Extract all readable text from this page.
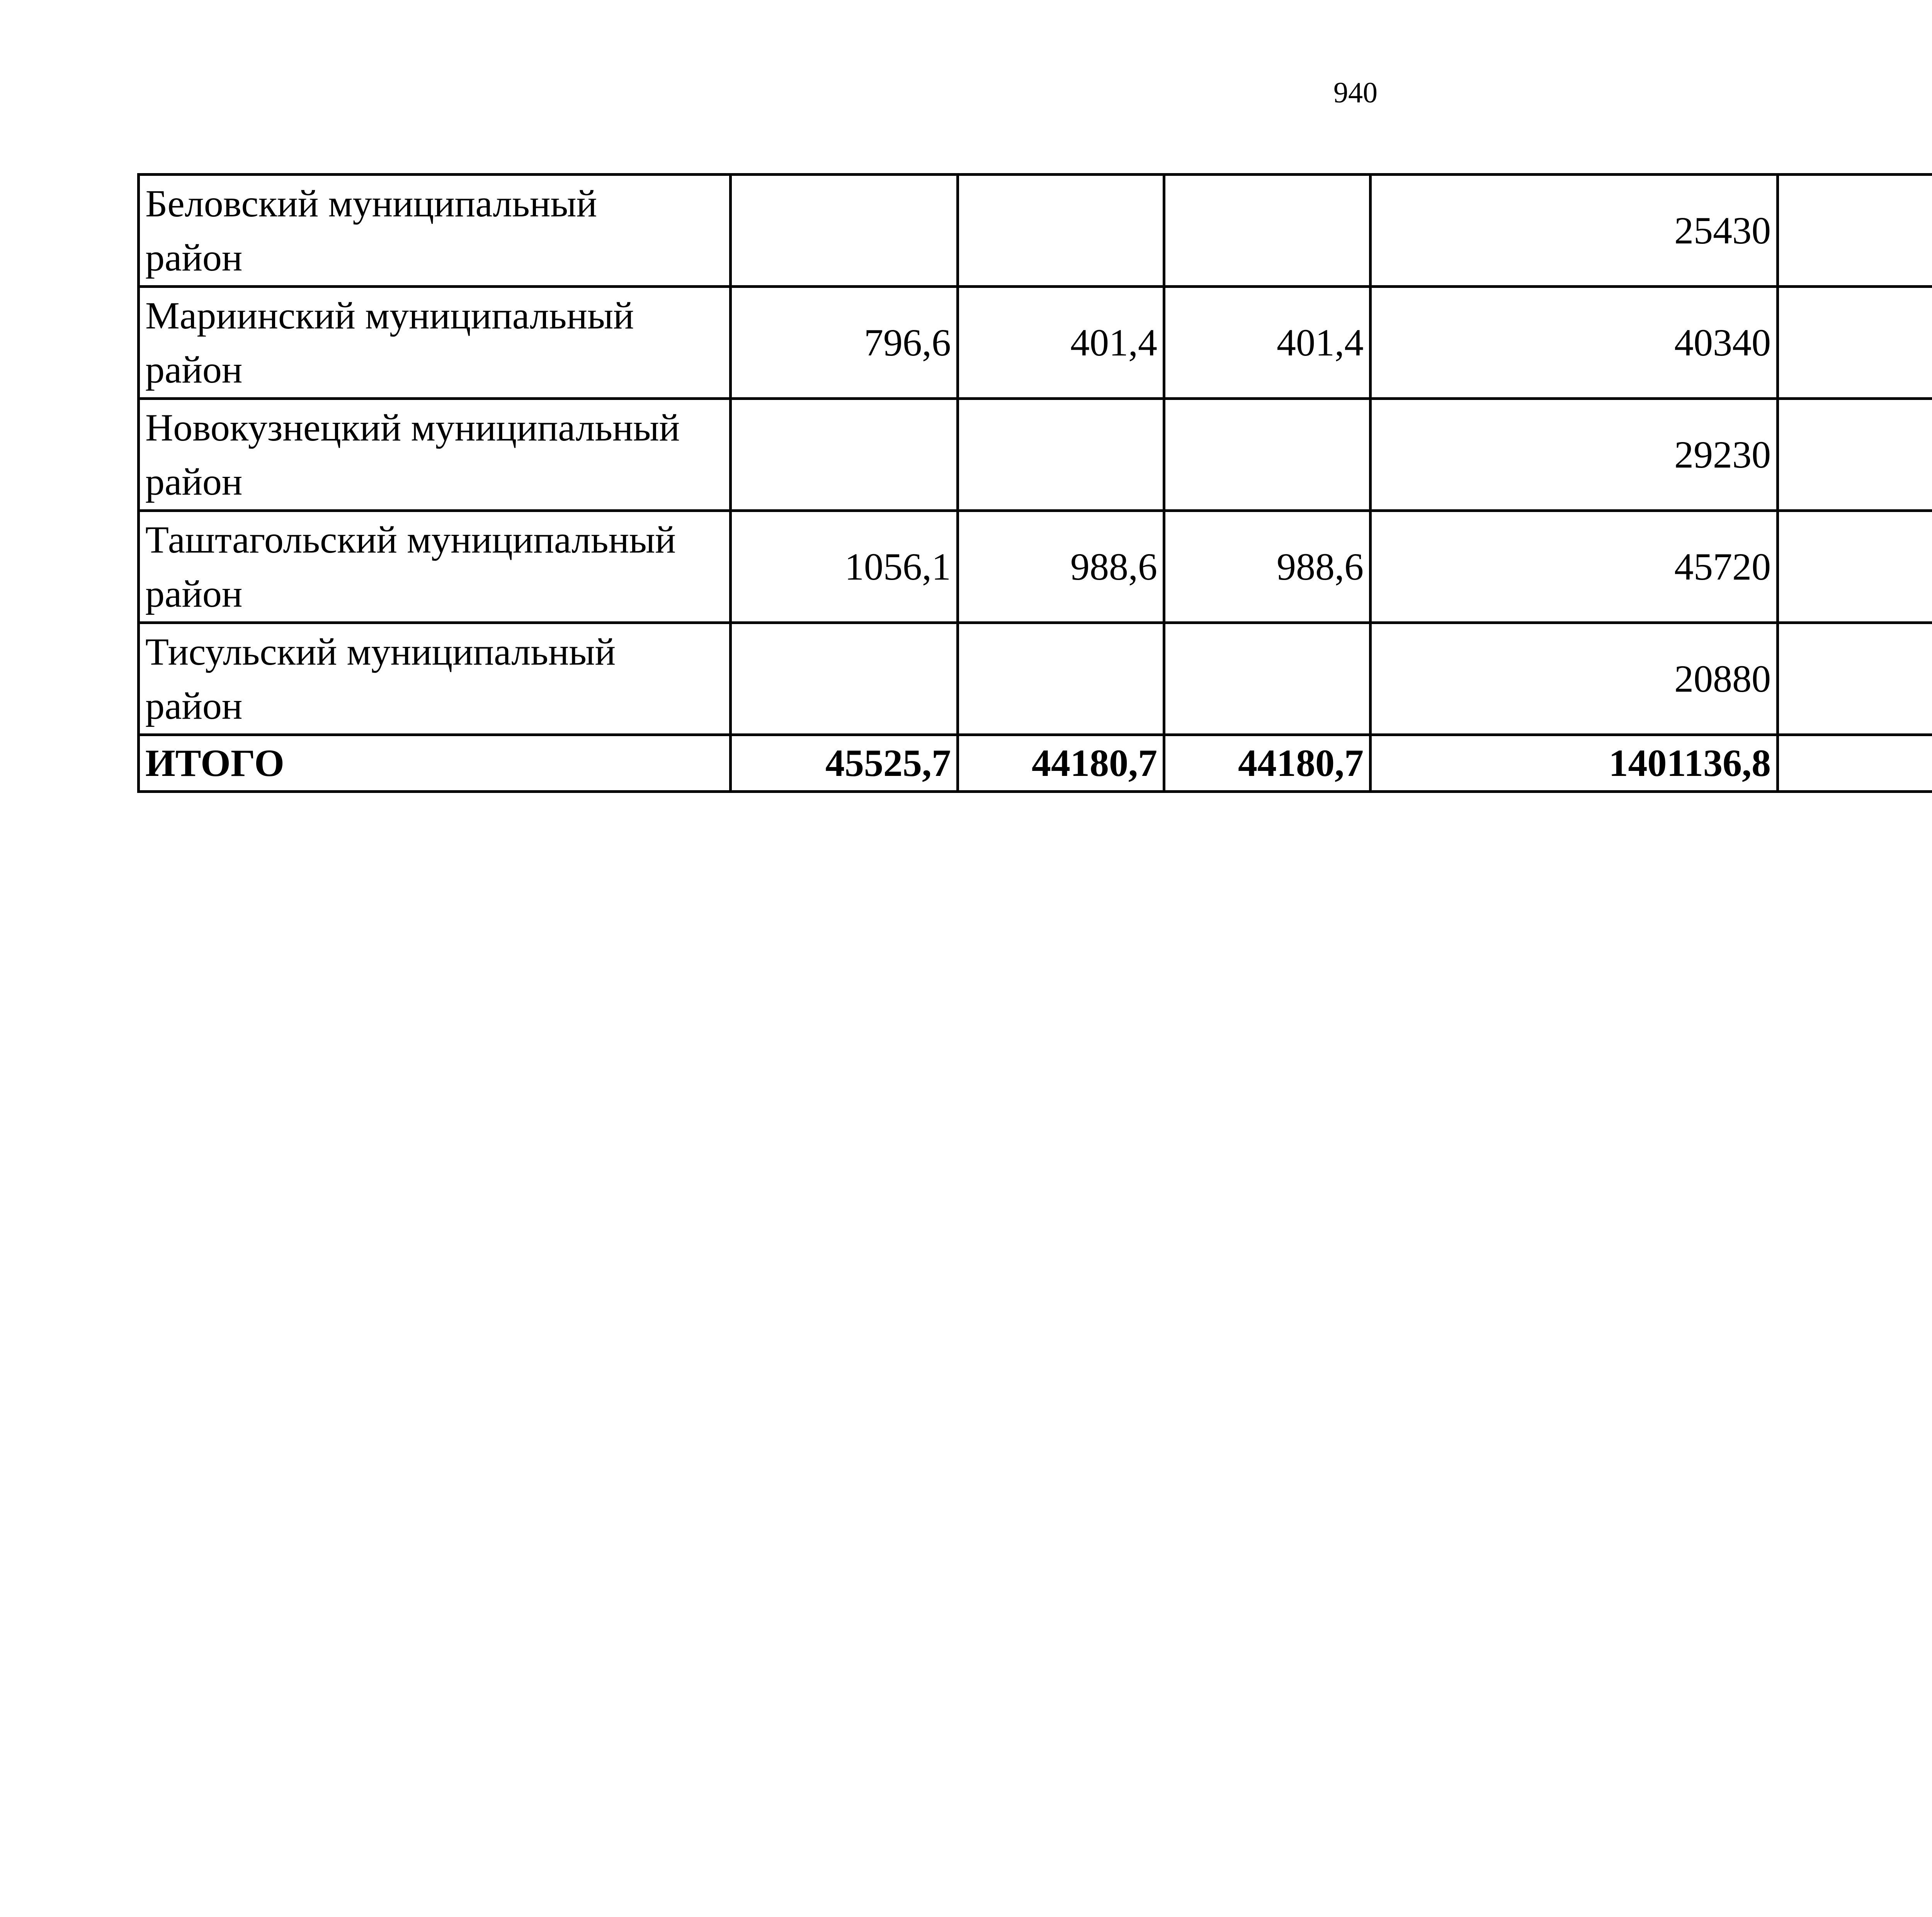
940
Беловский муниципальный
район				25430		
Мариинский муниципальный
район	796,6	401,4	401,4	40340		
Новокузнецкий муниципальный
район				29230		
Таштагольский муниципальный
район	1056,1	988,6	988,6	45720		
Тисульский муниципальный
район				20880		
ИТОГО	45525,7	44180,7	44180,7	1401136,8		
